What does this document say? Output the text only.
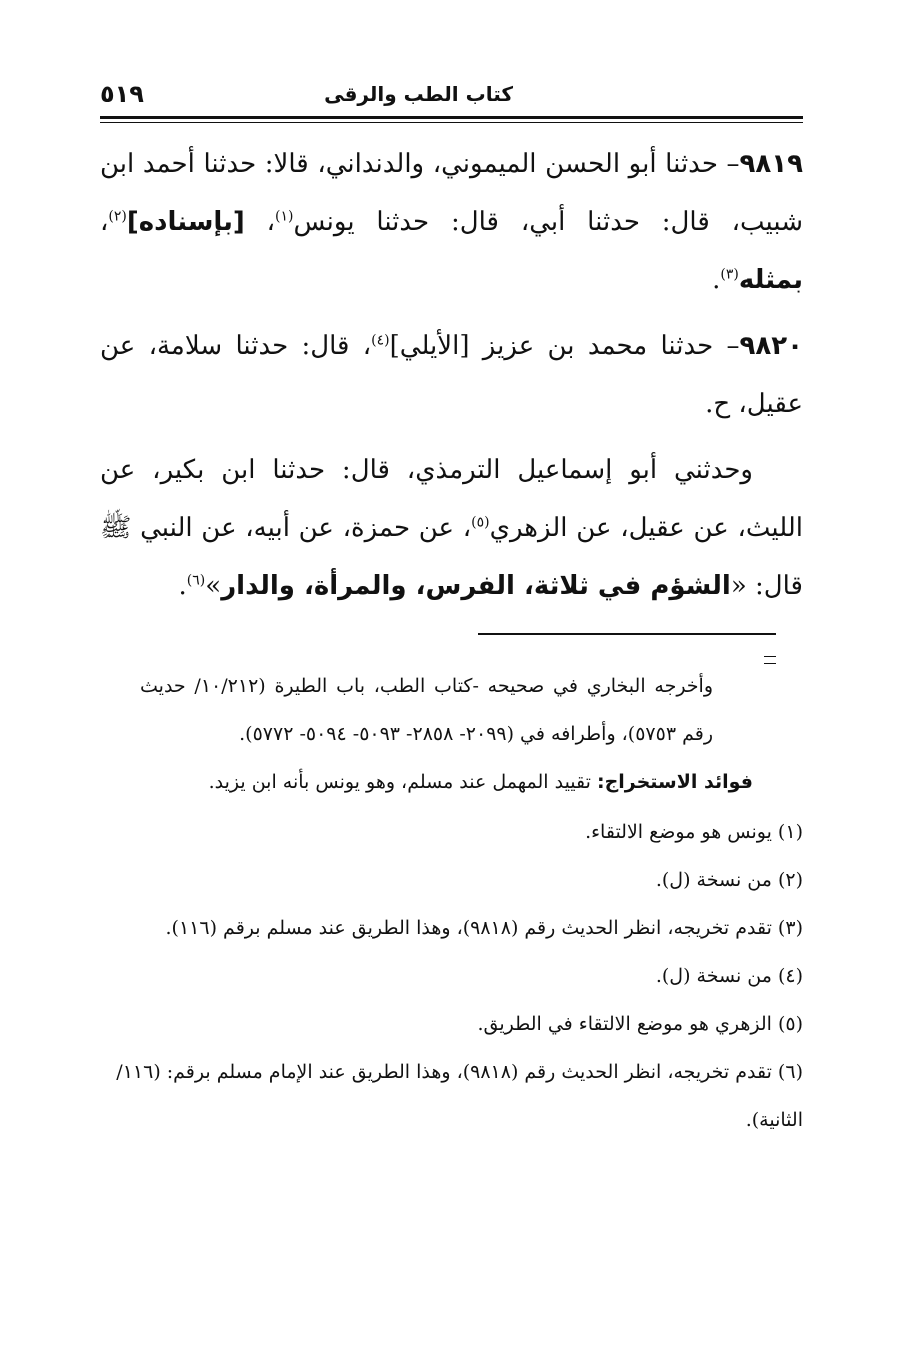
٥١٩	كتاب الطب والرقى

٩٨١٩– حدثنا أبو الحسن الميموني، والدنداني، قالا: حدثنا أحمد ابن شبيب، قال: حدثنا أبي، قال: حدثنا يونس$^{(١)}$، [بإسناده]$^{(٢)}$، بمثله$^{(٣)}$.

٩٨٢٠– حدثنا محمد بن عزيز [الأيلي]$^{(٤)}$، قال: حدثنا سلامة، عن عقيل، ح.

وحدثني أبو إسماعيل الترمذي، قال: حدثنا ابن بكير، عن الليث، عن عقيل، عن الزهري$^{(٥)}$، عن حمزة، عن أبيه، عن النبي ﷺ قال: «الشؤم في ثلاثة، الفرس، والمرأة، والدار»$^{(٦)}$.

وأخرجه البخاري في صحيحه -كتاب الطب، باب الطيرة (١٠/٢١٢/ حديث رقم ٥٧٥٣)، وأطرافه في (٢٠٩٩- ٢٨٥٨- ٥٠٩٣- ٥٠٩٤- ٥٧٧٢).

فوائد الاستخراج: تقييد المهمل عند مسلم، وهو يونس بأنه ابن يزيد.

(١) يونس هو موضع الالتقاء.

(٢) من نسخة (ل).

(٣) تقدم تخريجه، انظر الحديث رقم (٩٨١٨)، وهذا الطريق عند مسلم برقم (١١٦).

(٤) من نسخة (ل).

(٥) الزهري هو موضع الالتقاء في الطريق.

(٦) تقدم تخريجه، انظر الحديث رقم (٩٨١٨)، وهذا الطريق عند الإمام مسلم برقم: (١١٦/ الثانية).
